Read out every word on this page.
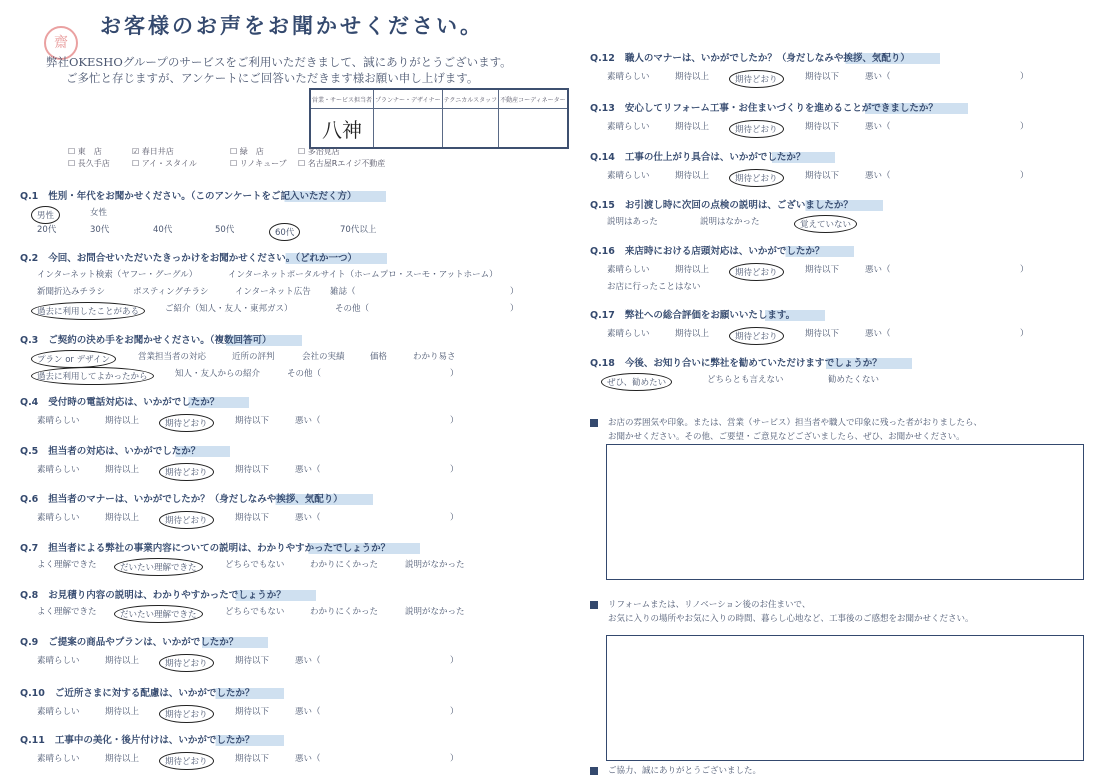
齋
お客様のお声をお聞かせください。
弊社OKESHOグループのサービスをご利用いただきまして、誠にありがとうございます。
ご多忙と存じますが、アンケートにご回答いただきます様お願い申し上げます。
営業・サービス担当者	プランナー・デザイナー	テクニカルスタッフ	不動産コーディネーター
八神			
お店の雰囲気や印象。または、営業（サービス）担当者や職人で印象に残った者がおりましたら、
お聞かせください。その他、ご要望・ご意見などございましたら、ぜひ、お聞かせください。
リフォームまたは、リノベーション後のお住まいで、
お気に入りの場所やお気に入りの時間、暮らし心地など、工事後のご感想をお聞かせください。
ご協力、誠にありがとうございました。
☐ 東　店	☑ 春日井店	☐ 緑　店	☐ 多治見店
☐ 長久手店	☐ アイ・スタイル	☐ リノキューブ ☐ 名古屋Rエイジ不動産
Q.1 性別・年代をお聞かせください。（このアンケートをご記入いただく方）
男性	女性
20代	30代	40代	50代	60代	70代以上
Q.2 今回、お問合せいただいたきっかけをお聞かせください。（どれか一つ）
インターネット検索（ヤフー・グーグル）	インターネットポータルサイト（ホームプロ・スーモ・アットホーム）
新聞折込みチラシ	ポスティングチラシ	インターネット広告 雑誌（	）
過去に利用したことがある	ご紹介（知人・友人・東邦ガス）	その他（	）
Q.3 ご契約の決め手をお聞かせください。（複数回答可）
プラン or デザイン	営業担当者の対応	近所の評判	会社の実績	価格	わかり易さ
過去に利用してよかったから	知人・友人からの紹介	その他（	）
Q.4 受付時の電話対応は、いかがでしたか？
素晴らしい	期待以上	期待どおり	期待以下	悪い（	）
Q.5 担当者の対応は、いかがでしたか？
素晴らしい	期待以上	期待どおり	期待以下	悪い（	）
Q.6 担当者のマナーは、いかがでしたか？（身だしなみや挨拶、気配り）
素晴らしい	期待以上	期待どおり	期待以下	悪い（	）
Q.7 担当者による弊社の事業内容についての説明は、わかりやすかったでしょうか？
よく理解できた	だいたい理解できた	どちらでもない	わかりにくかった	説明がなかった
Q.8 お見積り内容の説明は、わかりやすかったでしょうか？
よく理解できた	だいたい理解できた	どちらでもない	わかりにくかった	説明がなかった
Q.9 ご提案の商品やプランは、いかがでしたか？
素晴らしい	期待以上	期待どおり	期待以下	悪い（	）
Q.10 ご近所さまに対する配慮は、いかがでしたか？
素晴らしい	期待以上	期待どおり	期待以下	悪い（	）
Q.11 工事中の美化・後片付けは、いかがでしたか？
素晴らしい	期待以上	期待どおり	期待以下	悪い（	）
Q.12 職人のマナーは、いかがでしたか？（身だしなみや挨拶、気配り）
素晴らしい	期待以上	期待どおり	期待以下	悪い（	）
Q.13 安心してリフォーム工事・お住まいづくりを進めることができましたか？
素晴らしい	期待以上	期待どおり	期待以下	悪い（	）
Q.14 工事の仕上がり具合は、いかがでしたか？
素晴らしい	期待以上	期待どおり	期待以下	悪い（	）
Q.15 お引渡し時に次回の点検の説明は、ございましたか？
説明はあった	説明はなかった	覚えていない
Q.16 来店時における店頭対応は、いかがでしたか？
素晴らしい	期待以上	期待どおり	期待以下	悪い（	）
お店に行ったことはない
Q.17 弊社への総合評価をお願いいたします。
素晴らしい	期待以上	期待どおり	期待以下	悪い（	）
Q.18 今後、お知り合いに弊社を勧めていただけますでしょうか？
ぜひ、勧めたい	どちらとも言えない	勧めたくない
